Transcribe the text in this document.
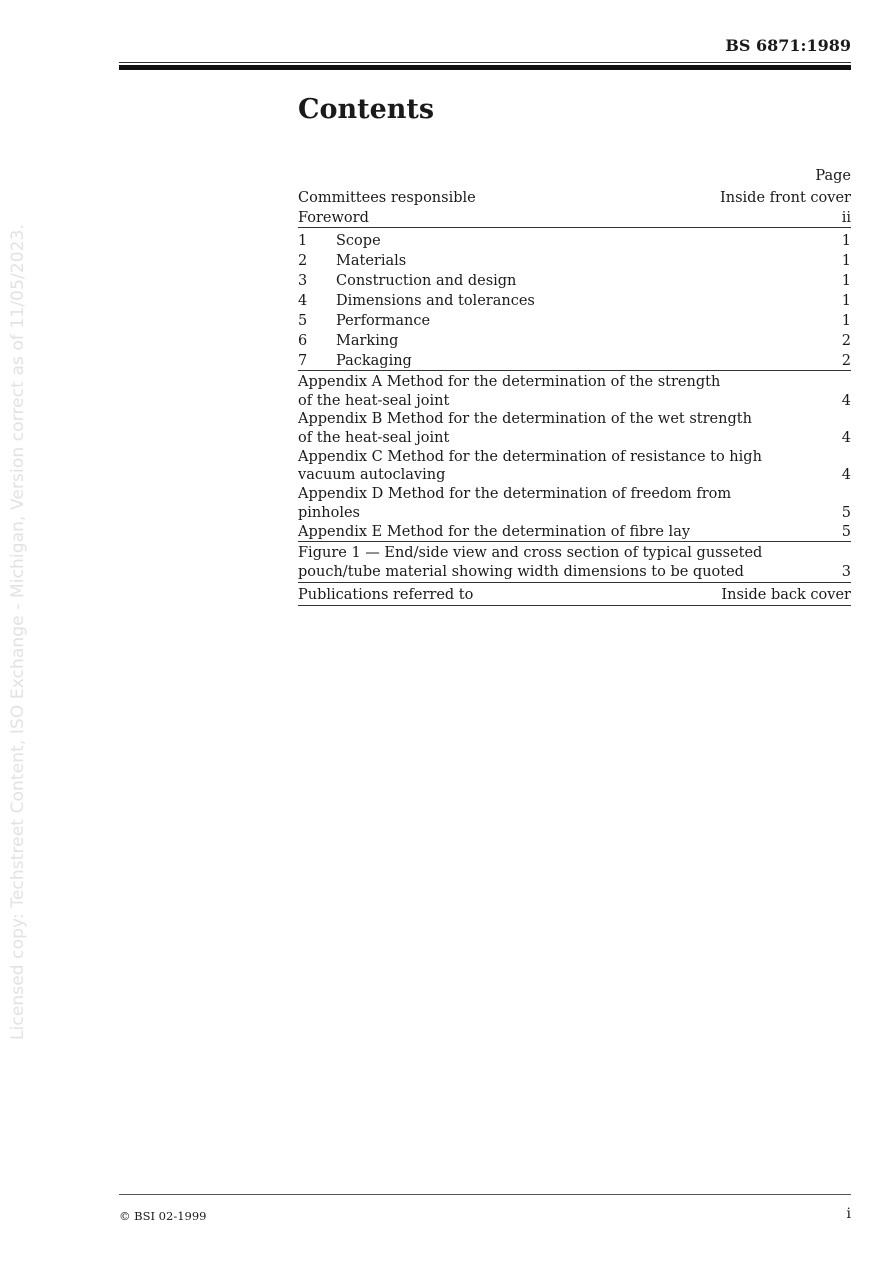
Licensed copy: Techstreet Content, ISO Exchange - Michigan, Version correct as of 11/05/2023.
BS 6871:1989
Contents
Page
Committees responsible	Inside front cover
Foreword	ii
1	Scope	1
2	Materials	1
3	Construction and design	1
4	Dimensions and tolerances	1
5	Performance	1
6	Marking	2
7	Packaging	2
Appendix A Method for the determination of the strength
of the heat-seal joint	4
Appendix B Method for the determination of the wet strength
of the heat-seal joint	4
Appendix C Method for the determination of resistance to high
vacuum autoclaving	4
Appendix D Method for the determination of freedom from
pinholes	5
Appendix E Method for the determination of fibre lay	5
Figure 1 — End/side view and cross section of typical gusseted
pouch/tube material showing width dimensions to be quoted	3
Publications referred to	Inside back cover
© BSI 02-1999	i
